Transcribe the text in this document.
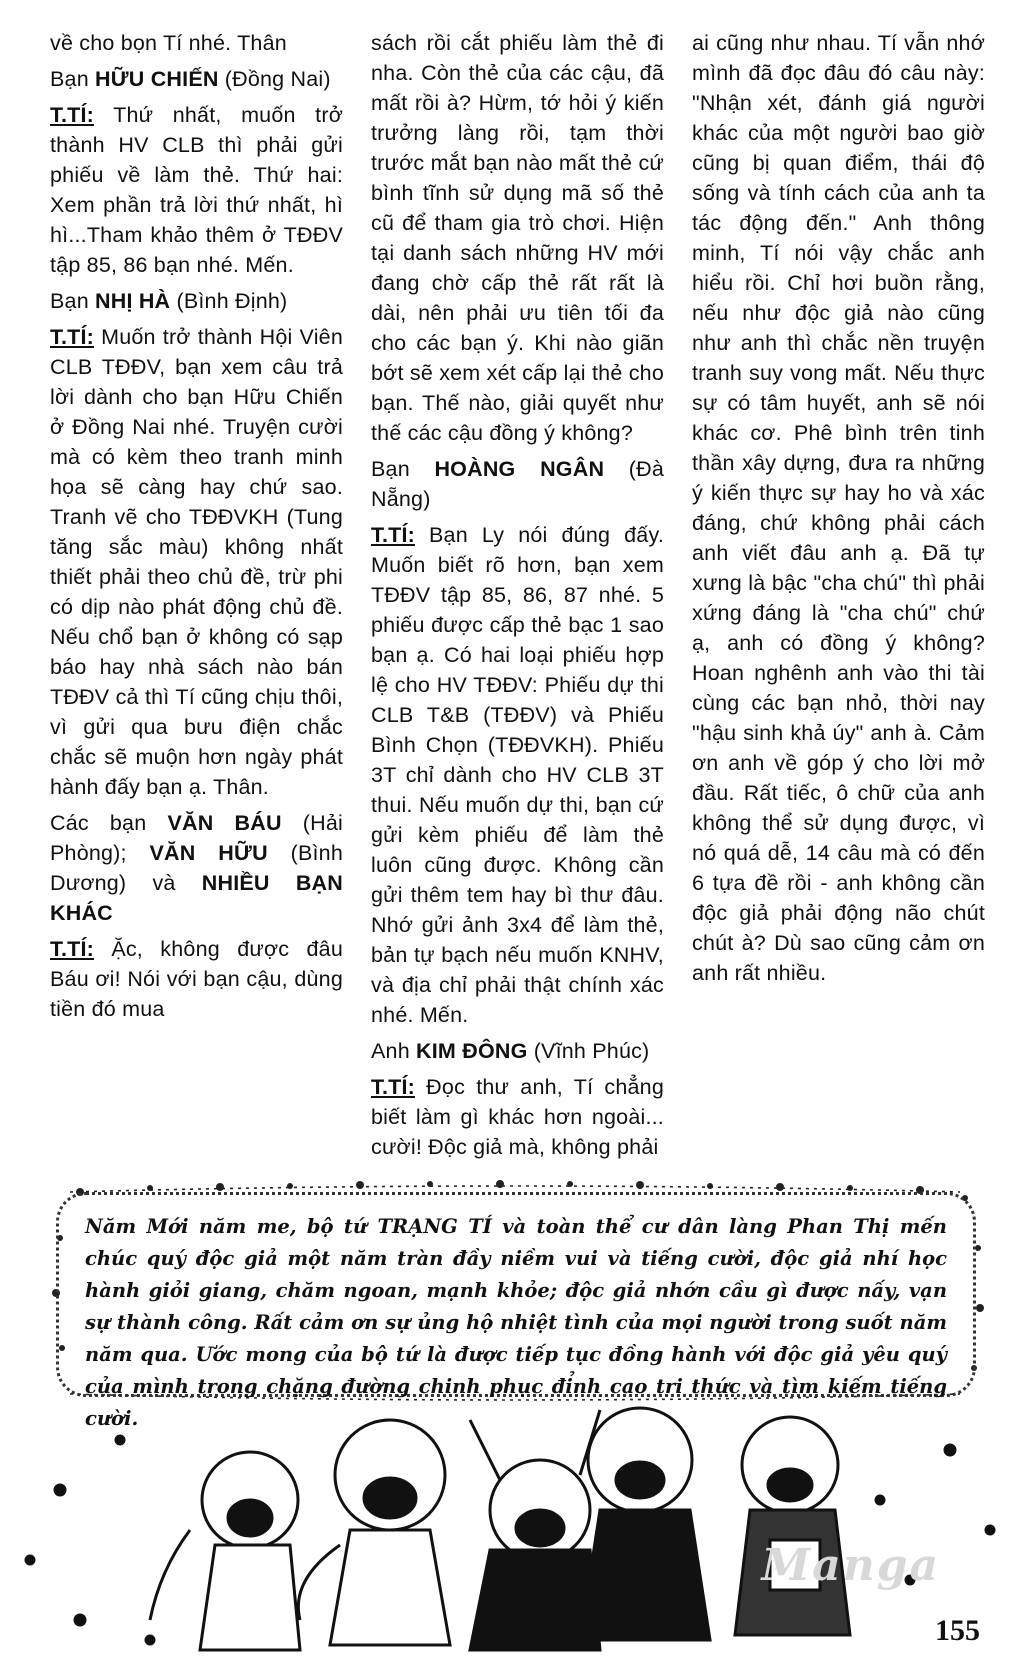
về cho bọn Tí nhé. Thân

Bạn HỮU CHIẾN (Đồng Nai)

T.TÍ: Thứ nhất, muốn trở thành HV CLB thì phải gửi phiếu về làm thẻ. Thứ hai: Xem phần trả lời thứ nhất, hì hì...Tham khảo thêm ở TĐĐV tập 85, 86 bạn nhé. Mến.

Bạn NHỊ HÀ (Bình Định)

T.TÍ: Muốn trở thành Hội Viên CLB TĐĐV, bạn xem câu trả lời dành cho bạn Hữu Chiến ở Đồng Nai nhé. Truyện cười mà có kèm theo tranh minh họa sẽ càng hay chứ sao. Tranh vẽ cho TĐĐVKH (Tung tăng sắc màu) không nhất thiết phải theo chủ đề, trừ phi có dịp nào phát động chủ đề. Nếu chổ bạn ở không có sạp báo hay nhà sách nào bán TĐĐV cả thì Tí cũng chịu thôi, vì gửi qua bưu điện chắc chắc sẽ muộn hơn ngày phát hành đấy bạn ạ. Thân.

Các bạn VĂN BÁU (Hải Phòng); VĂN HỮU (Bình Dương) và NHIỀU BẠN KHÁC

T.TÍ: Ặc, không được đâu Báu ơi! Nói với bạn cậu, dùng tiền đó mua

sách rồi cắt phiếu làm thẻ đi nha. Còn thẻ của các cậu, đã mất rồi à? Hừm, tớ hỏi ý kiến trưởng làng rồi, tạm thời trước mắt bạn nào mất thẻ cứ bình tĩnh sử dụng mã số thẻ cũ để tham gia trò chơi. Hiện tại danh sách những HV mới đang chờ cấp thẻ rất rất là dài, nên phải ưu tiên tối đa cho các bạn ý. Khi nào giãn bớt sẽ xem xét cấp lại thẻ cho bạn. Thế nào, giải quyết như thế các cậu đồng ý không?

Bạn HOÀNG NGÂN (Đà Nẵng)

T.TÍ: Bạn Ly nói đúng đấy. Muốn biết rõ hơn, bạn xem TĐĐV tập 85, 86, 87 nhé. 5 phiếu được cấp thẻ bạc 1 sao bạn ạ. Có hai loại phiếu hợp lệ cho HV TĐĐV: Phiếu dự thi CLB T&B (TĐĐV) và Phiếu Bình Chọn (TĐĐVKH). Phiếu 3T chỉ dành cho HV CLB 3T thui. Nếu muốn dự thi, bạn cứ gửi kèm phiếu để làm thẻ luôn cũng được. Không cần gửi thêm tem hay bì thư đâu. Nhớ gửi ảnh 3x4 để làm thẻ, bản tự bạch nếu muốn KNHV, và địa chỉ phải thật chính xác nhé. Mến.

Anh KIM ĐÔNG (Vĩnh Phúc)

T.TÍ: Đọc thư anh, Tí chẳng biết làm gì khác hơn ngoài... cười! Độc giả mà, không phải

ai cũng như nhau. Tí vẫn nhớ mình đã đọc đâu đó câu này: "Nhận xét, đánh giá người khác của một người bao giờ cũng bị quan điểm, thái độ sống và tính cách của anh ta tác động đến." Anh thông minh, Tí nói vậy chắc anh hiểu rồi. Chỉ hơi buồn rằng, nếu như độc giả nào cũng như anh thì chắc nền truyện tranh suy vong mất. Nếu thực sự có tâm huyết, anh sẽ nói khác cơ. Phê bình trên tinh thần xây dựng, đưa ra những ý kiến thực sự hay ho và xác đáng, chứ không phải cách anh viết đâu anh ạ. Đã tự xưng là bậc "cha chú" thì phải xứng đáng là "cha chú" chứ ạ, anh có đồng ý không? Hoan nghênh anh vào thi tài cùng các bạn nhỏ, thời nay "hậu sinh khả úy" anh à. Cảm ơn anh về góp ý cho lời mở đầu. Rất tiếc, ô chữ của anh không thể sử dụng được, vì nó quá dễ, 14 câu mà có đến 6 tựa đề rồi - anh không cần độc giả phải động não chút chút à? Dù sao cũng cảm ơn anh rất nhiều.

Năm Mới năm me, bộ tứ TRẠNG TÍ và toàn thể cư dân làng Phan Thị mến chúc quý độc giả một năm tràn đầy niềm vui và tiếng cười, độc giả nhí học hành giỏi giang, chăm ngoan, mạnh khỏe; độc giả nhớn cầu gì được nấy, vạn sự thành công. Rất cảm ơn sự ủng hộ nhiệt tình của mọi người trong suốt năm năm qua. Ước mong của bộ tứ là được tiếp tục đồng hành với độc giả yêu quý của mình trong chặng đường chinh phục đỉnh cao tri thức và tìm kiếm tiếng cười.
Manga
155
